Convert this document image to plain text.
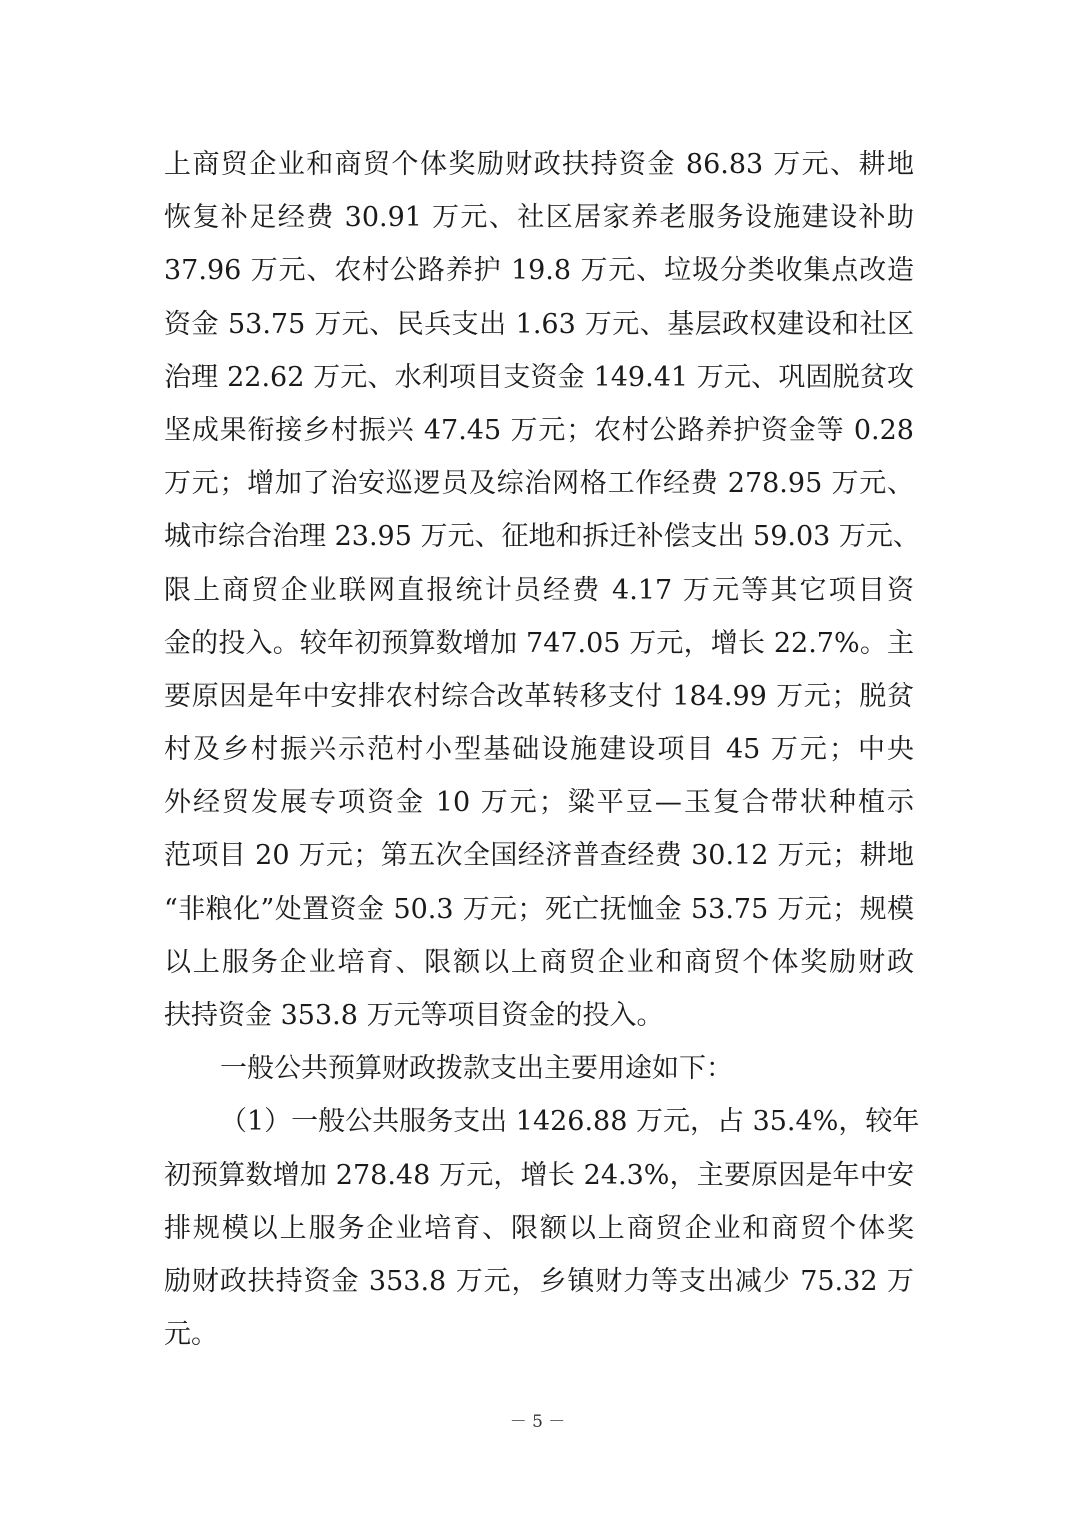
上商贸企业和商贸个体奖励财政扶持资金 86.83 万元、耕地
恢复补足经费 30.91 万元、社区居家养老服务设施建设补助
37.96 万元、农村公路养护 19.8 万元、垃圾分类收集点改造
资金 53.75 万元、民兵支出 1.63 万元、基层政权建设和社区
治理 22.62 万元、水利项目支资金 149.41 万元、巩固脱贫攻
坚成果衔接乡村振兴 47.45 万元；农村公路养护资金等 0.28
万元；增加了治安巡逻员及综治网格工作经费 278.95 万元、
城市综合治理 23.95 万元、征地和拆迁补偿支出 59.03 万元、
限上商贸企业联网直报统计员经费 4.17 万元等其它项目资
金的投入。较年初预算数增加 747.05 万元，增长 22.7%。主
要原因是年中安排农村综合改革转移支付 184.99 万元；脱贫
村及乡村振兴示范村小型基础设施建设项目 45 万元；中央
外经贸发展专项资金 10 万元；粱平豆—玉复合带状种植示
范项目 20 万元；第五次全国经济普查经费 30.12 万元；耕地
“非粮化”处置资金 50.3 万元；死亡抚恤金 53.75 万元；规模
以上服务企业培育、限额以上商贸企业和商贸个体奖励财政
扶持资金 353.8 万元等项目资金的投入。
一般公共预算财政拨款支出主要用途如下：
（1）一般公共服务支出 1426.88 万元，占 35.4%，较年
初预算数增加 278.48 万元，增长 24.3%，主要原因是年中安
排规模以上服务企业培育、限额以上商贸企业和商贸个体奖
励财政扶持资金 353.8 万元，乡镇财力等支出减少 75.32 万
元。
－ 5 －
